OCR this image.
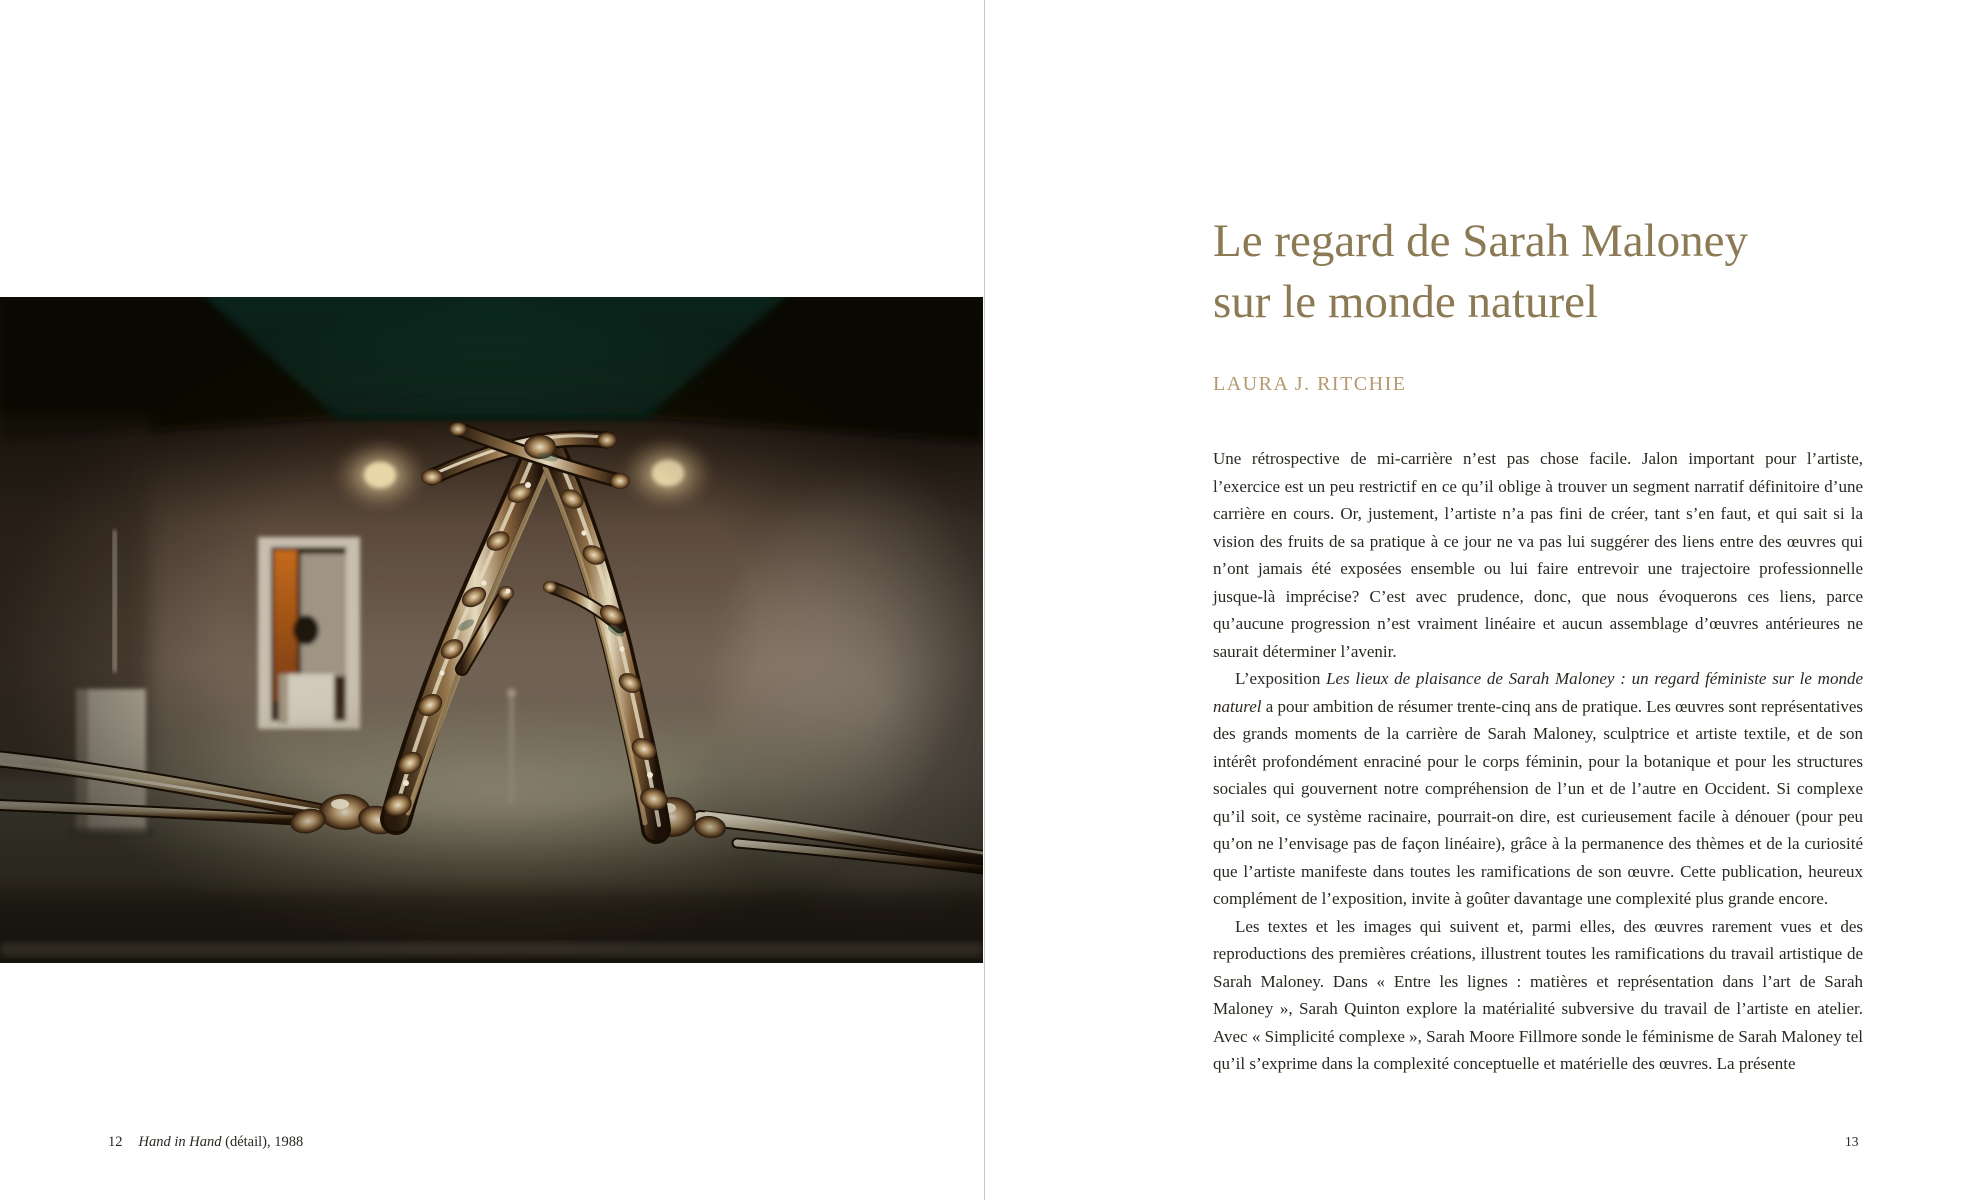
12 Hand in Hand (détail), 1988
Le regard de Sarah Maloney
sur le monde naturel
LAURA J. RITCHIE

Une rétrospective de mi-carrière n’est pas chose facile. Jalon important pour l’artiste, l’exercice est un peu restrictif en ce qu’il oblige à trouver un segment narratif définitoire d’une carrière en cours. Or, justement, l’artiste n’a pas fini de créer, tant s’en faut, et qui sait si la vision des fruits de sa pratique à ce jour ne va pas lui suggérer des liens entre des œuvres qui n’ont jamais été exposées ensemble ou lui faire entrevoir une trajectoire professionnelle jusque-là imprécise? C’est avec prudence, donc, que nous évoquerons ces liens, parce qu’aucune progression n’est vraiment linéaire et aucun assemblage d’œuvres antérieures ne saurait déterminer l’avenir.

L’exposition Les lieux de plaisance de Sarah Maloney : un regard féministe sur le monde naturel a pour ambition de résumer trente-cinq ans de pratique. Les œuvres sont représentatives des grands moments de la carrière de Sarah Maloney, sculptrice et artiste textile, et de son intérêt profondément enraciné pour le corps féminin, pour la botanique et pour les structures sociales qui gouvernent notre compréhension de l’un et de l’autre en Occident. Si complexe qu’il soit, ce système racinaire, pourrait-on dire, est curieusement facile à dénouer (pour peu qu’on ne l’envisage pas de façon linéaire), grâce à la permanence des thèmes et de la curiosité que l’artiste manifeste dans toutes les ramifications de son œuvre. Cette publication, heureux complément de l’exposition, invite à goûter davantage une complexité plus grande encore.

Les textes et les images qui suivent et, parmi elles, des œuvres rarement vues et des reproductions des premières créations, illustrent toutes les ramifications du travail artistique de Sarah Maloney. Dans « Entre les lignes : matières et représentation dans l’art de Sarah Maloney », Sarah Quinton explore la matérialité subversive du travail de l’artiste en atelier. Avec « Simplicité complexe », Sarah Moore Fillmore sonde le féminisme de Sarah Maloney tel qu’il s’exprime dans la complexité conceptuelle et matérielle des œuvres. La présente

13
